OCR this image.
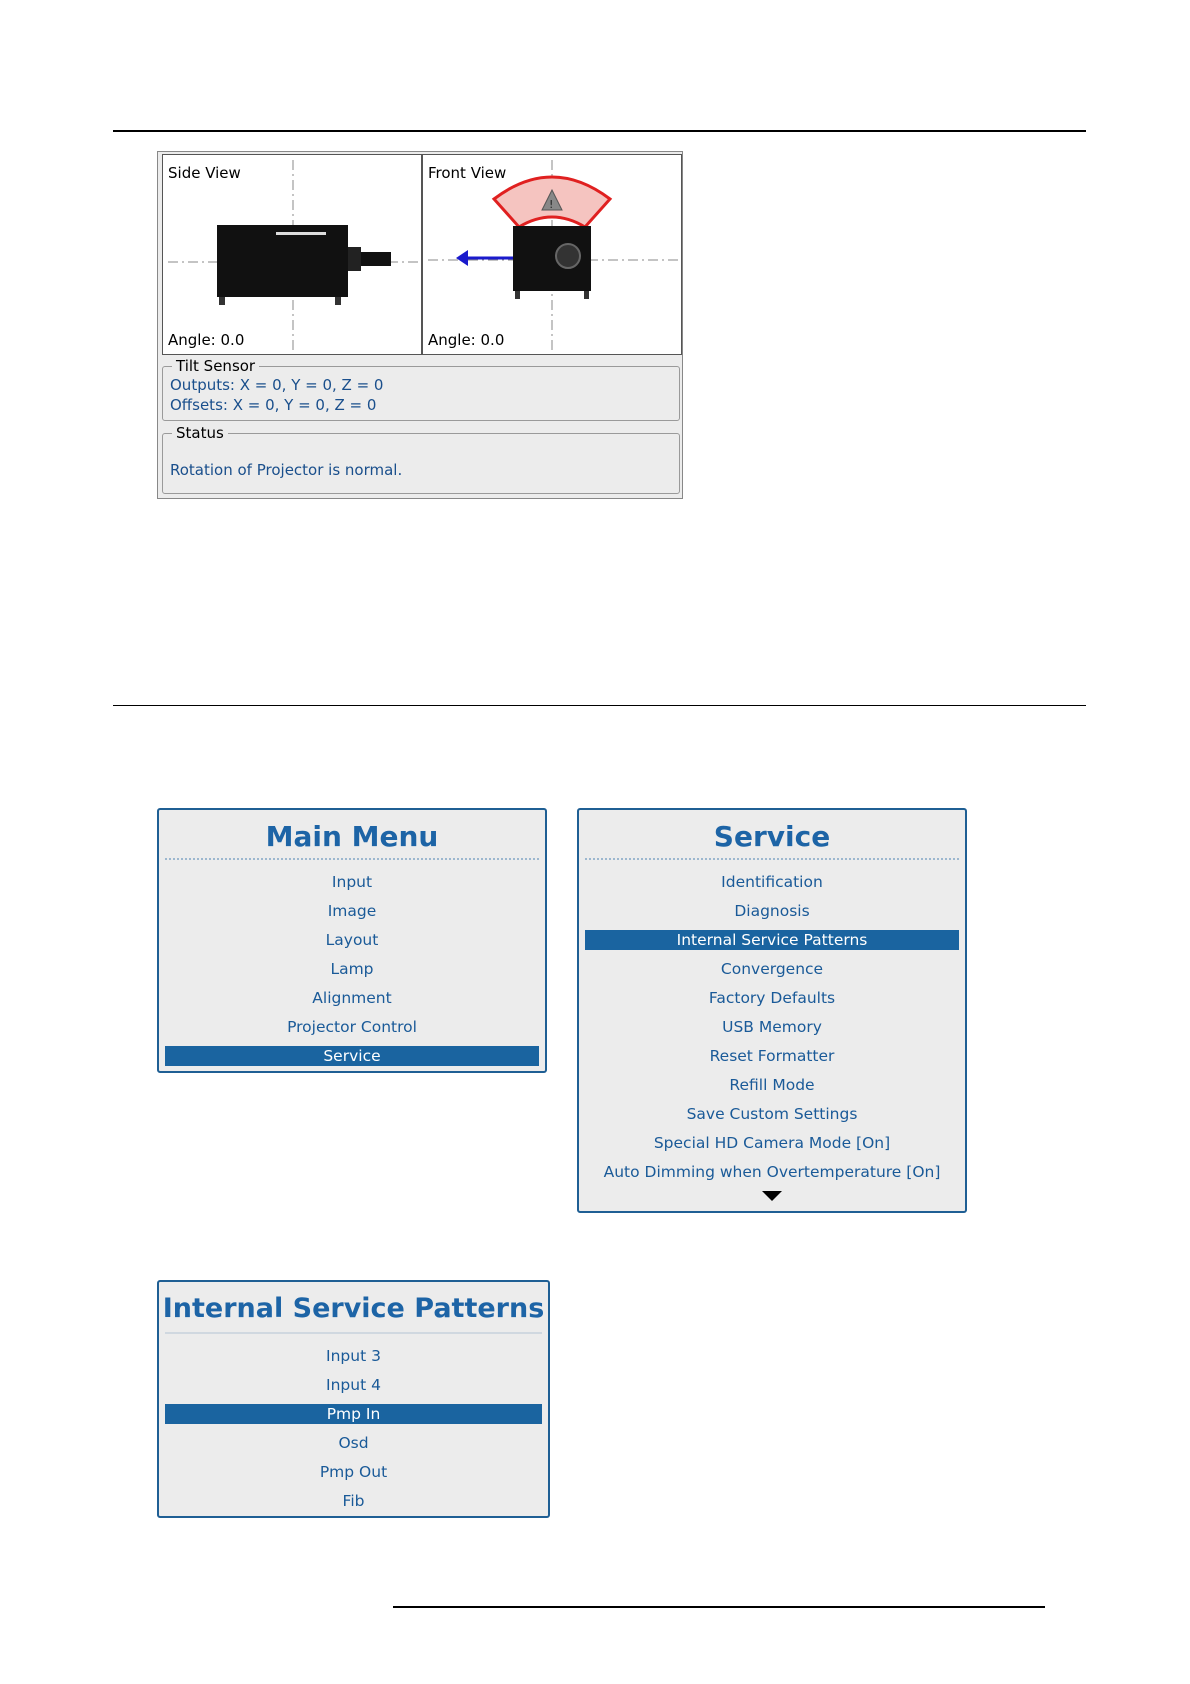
Side View
Angle: 0.0
!
Front View
Angle: 0.0
Tilt Sensor
Outputs: X = 0, Y = 0, Z = 0
Offsets: X = 0, Y = 0, Z = 0
Status
Rotation of Projector is normal.
Main Menu
Input
Image
Layout
Lamp
Alignment
Projector Control
Service
Service
Identification
Diagnosis
Internal Service Patterns
Convergence
Factory Defaults
USB Memory
Reset Formatter
Refill Mode
Save Custom Settings
Special HD Camera Mode [On]
Auto Dimming when Overtemperature [On]
Internal Service Patterns
Input 3
Input 4
Pmp In
Osd
Pmp Out
Fib
